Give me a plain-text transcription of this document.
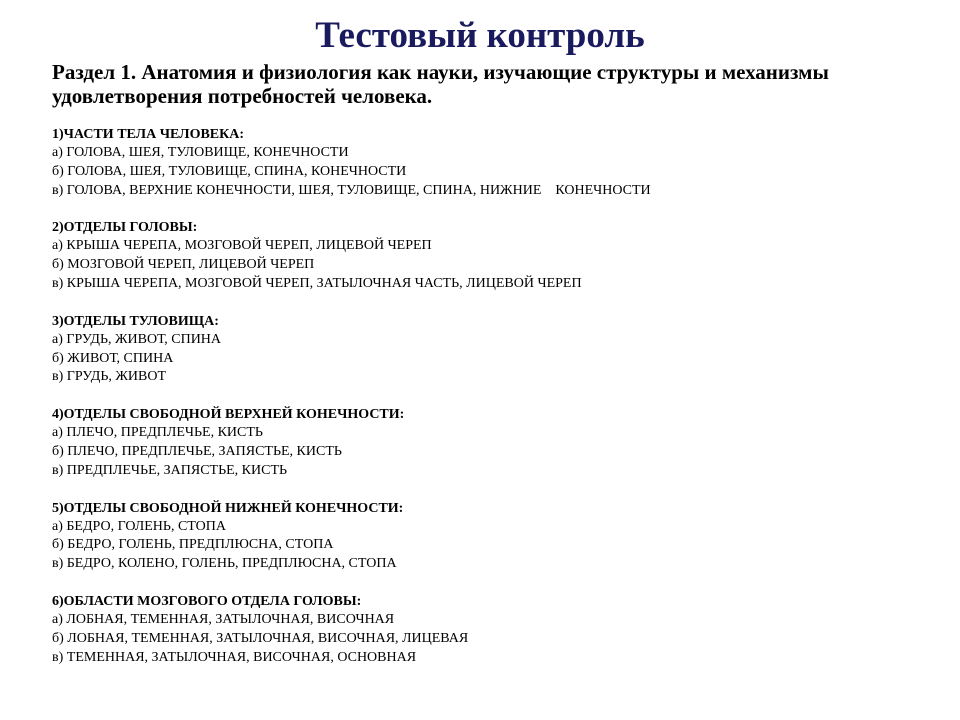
Тестовый контроль
Раздел 1. Анатомия и физиология как науки, изучающие структуры и механизмы удовлетворения потребностей человека.
1)ЧАСТИ ТЕЛА ЧЕЛОВЕКА:
а) ГОЛОВА, ШЕЯ, ТУЛОВИЩЕ, КОНЕЧНОСТИ
б) ГОЛОВА, ШЕЯ, ТУЛОВИЩЕ, СПИНА, КОНЕЧНОСТИ
в) ГОЛОВА, ВЕРХНИЕ КОНЕЧНОСТИ, ШЕЯ, ТУЛОВИЩЕ, СПИНА, НИЖНИЕ    КОНЕЧНОСТИ
2)ОТДЕЛЫ ГОЛОВЫ:
а) КРЫША ЧЕРЕПА, МОЗГОВОЙ ЧЕРЕП, ЛИЦЕВОЙ ЧЕРЕП
б) МОЗГОВОЙ ЧЕРЕП, ЛИЦЕВОЙ ЧЕРЕП
в) КРЫША ЧЕРЕПА, МОЗГОВОЙ ЧЕРЕП, ЗАТЫЛОЧНАЯ ЧАСТЬ, ЛИЦЕВОЙ ЧЕРЕП
3)ОТДЕЛЫ ТУЛОВИЩА:
а) ГРУДЬ, ЖИВОТ, СПИНА
б) ЖИВОТ, СПИНА
в) ГРУДЬ, ЖИВОТ
4)ОТДЕЛЫ СВОБОДНОЙ ВЕРХНЕЙ КОНЕЧНОСТИ:
а) ПЛЕЧО, ПРЕДПЛЕЧЬЕ, КИСТЬ
б) ПЛЕЧО, ПРЕДПЛЕЧЬЕ, ЗАПЯСТЬЕ, КИСТЬ
в) ПРЕДПЛЕЧЬЕ, ЗАПЯСТЬЕ, КИСТЬ
5)ОТДЕЛЫ СВОБОДНОЙ НИЖНЕЙ КОНЕЧНОСТИ:
а) БЕДРО, ГОЛЕНЬ, СТОПА
б) БЕДРО, ГОЛЕНЬ, ПРЕДПЛЮСНА, СТОПА
в) БЕДРО, КОЛЕНО, ГОЛЕНЬ, ПРЕДПЛЮСНА, СТОПА
6)ОБЛАСТИ МОЗГОВОГО ОТДЕЛА ГОЛОВЫ:
а) ЛОБНАЯ, ТЕМЕННАЯ, ЗАТЫЛОЧНАЯ, ВИСОЧНАЯ
б) ЛОБНАЯ, ТЕМЕННАЯ, ЗАТЫЛОЧНАЯ, ВИСОЧНАЯ, ЛИЦЕВАЯ
в) ТЕМЕННАЯ, ЗАТЫЛОЧНАЯ, ВИСОЧНАЯ, ОСНОВНАЯ
